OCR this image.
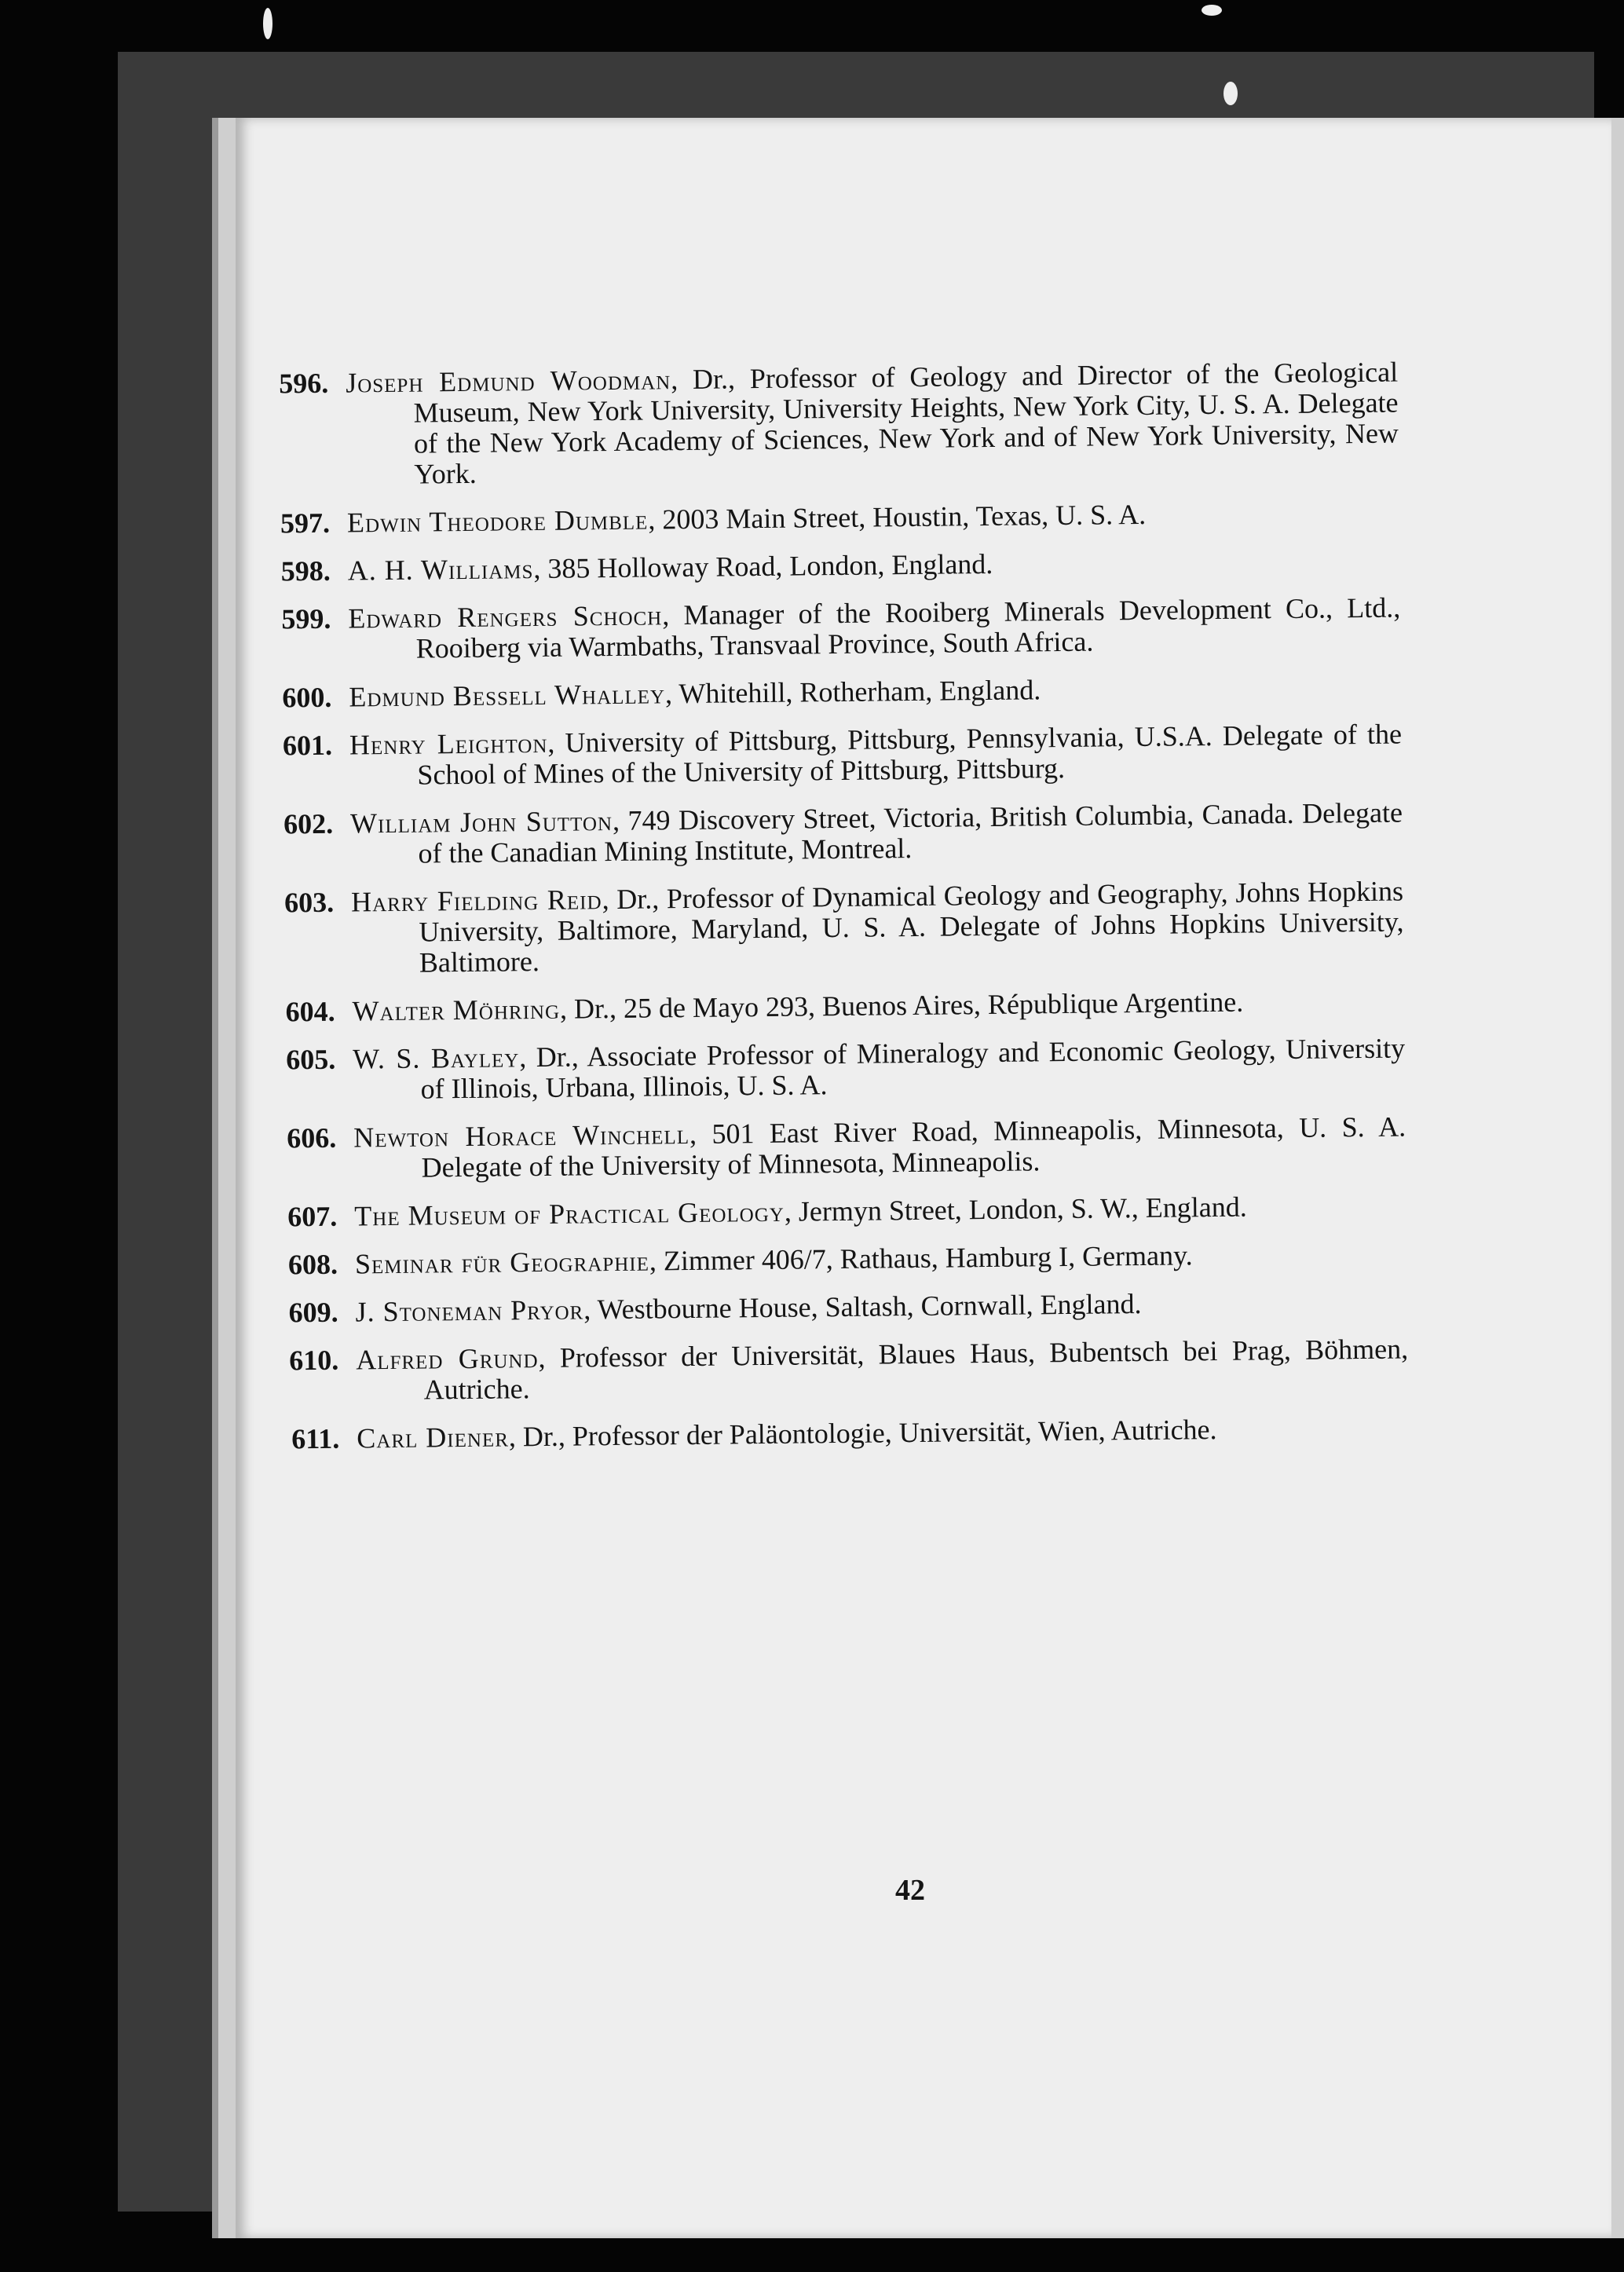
596. Joseph Edmund Woodman, Dr., Professor of Geology and Director of the Geological Museum, New York University, University Heights, New York City, U. S. A. Delegate of the New York Academy of Sciences, New York and of New York University, New York.
597. Edwin Theodore Dumble, 2003 Main Street, Houstin, Texas, U. S. A.
598. A. H. Williams, 385 Holloway Road, London, England.
599. Edward Rengers Schoch, Manager of the Rooiberg Minerals Development Co., Ltd., Rooiberg via Warmbaths, Transvaal Province, South Africa.
600. Edmund Bessell Whalley, Whitehill, Rotherham, England.
601. Henry Leighton, University of Pittsburg, Pittsburg, Pennsylvania, U.S.A. Delegate of the School of Mines of the University of Pittsburg, Pittsburg.
602. William John Sutton, 749 Discovery Street, Victoria, British Columbia, Canada. Delegate of the Canadian Mining Institute, Montreal.
603. Harry Fielding Reid, Dr., Professor of Dynamical Geology and Geography, Johns Hopkins University, Baltimore, Maryland, U. S. A. Delegate of Johns Hopkins University, Baltimore.
604. Walter Möhring, Dr., 25 de Mayo 293, Buenos Aires, République Argentine.
605. W. S. Bayley, Dr., Associate Professor of Mineralogy and Economic Geology, University of Illinois, Urbana, Illinois, U. S. A.
606. Newton Horace Winchell, 501 East River Road, Minneapolis, Minnesota, U. S. A. Delegate of the University of Minnesota, Minneapolis.
607. The Museum of Practical Geology, Jermyn Street, London, S. W., England.
608. Seminar für Geographie, Zimmer 406/7, Rathaus, Hamburg I, Germany.
609. J. Stoneman Pryor, Westbourne House, Saltash, Cornwall, England.
610. Alfred Grund, Professor der Universität, Blaues Haus, Bubentsch bei Prag, Böhmen, Autriche.
611. Carl Diener, Dr., Professor der Paläontologie, Universität, Wien, Autriche.
42
